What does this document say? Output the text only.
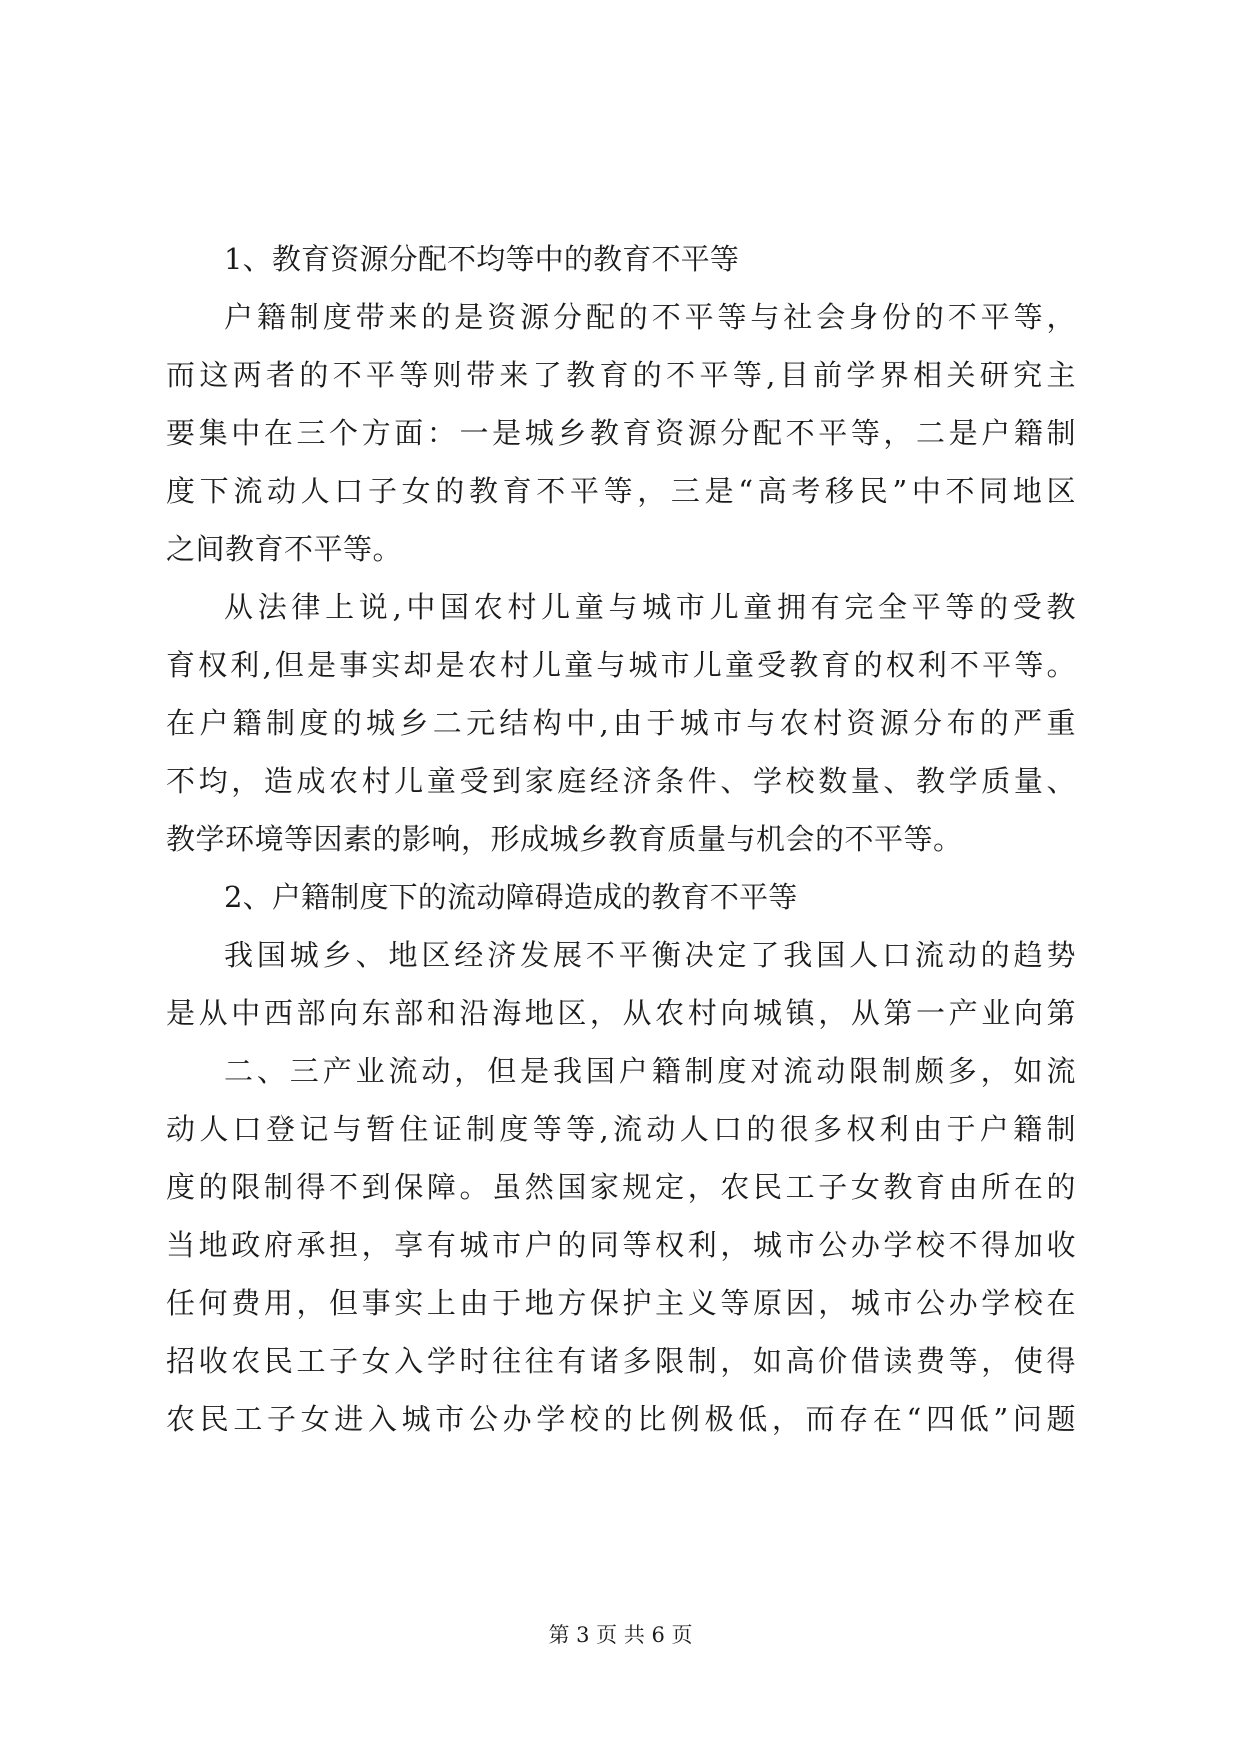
1、教育资源分配不均等中的教育不平等
户籍制度带来的是资源分配的不平等与社会身份的不平等，
而这两者的不平等则带来了教育的不平等,目前学界相关研究主
要集中在三个方面：一是城乡教育资源分配不平等，二是户籍制
度下流动人口子女的教育不平等，三是“高考移民”中不同地区
之间教育不平等。
从法律上说,中国农村儿童与城市儿童拥有完全平等的受教
育权利,但是事实却是农村儿童与城市儿童受教育的权利不平等。
在户籍制度的城乡二元结构中,由于城市与农村资源分布的严重
不均，造成农村儿童受到家庭经济条件、学校数量、教学质量、
教学环境等因素的影响，形成城乡教育质量与机会的不平等。
2、户籍制度下的流动障碍造成的教育不平等
我国城乡、地区经济发展不平衡决定了我国人口流动的趋势
是从中西部向东部和沿海地区，从农村向城镇，从第一产业向第
二、三产业流动，但是我国户籍制度对流动限制颇多，如流
动人口登记与暂住证制度等等,流动人口的很多权利由于户籍制
度的限制得不到保障。虽然国家规定，农民工子女教育由所在的
当地政府承担，享有城市户的同等权利，城市公办学校不得加收
任何费用，但事实上由于地方保护主义等原因，城市公办学校在
招收农民工子女入学时往往有诸多限制，如高价借读费等，使得
农民工子女进入城市公办学校的比例极低，而存在“四低”问题
第 3 页 共 6 页
